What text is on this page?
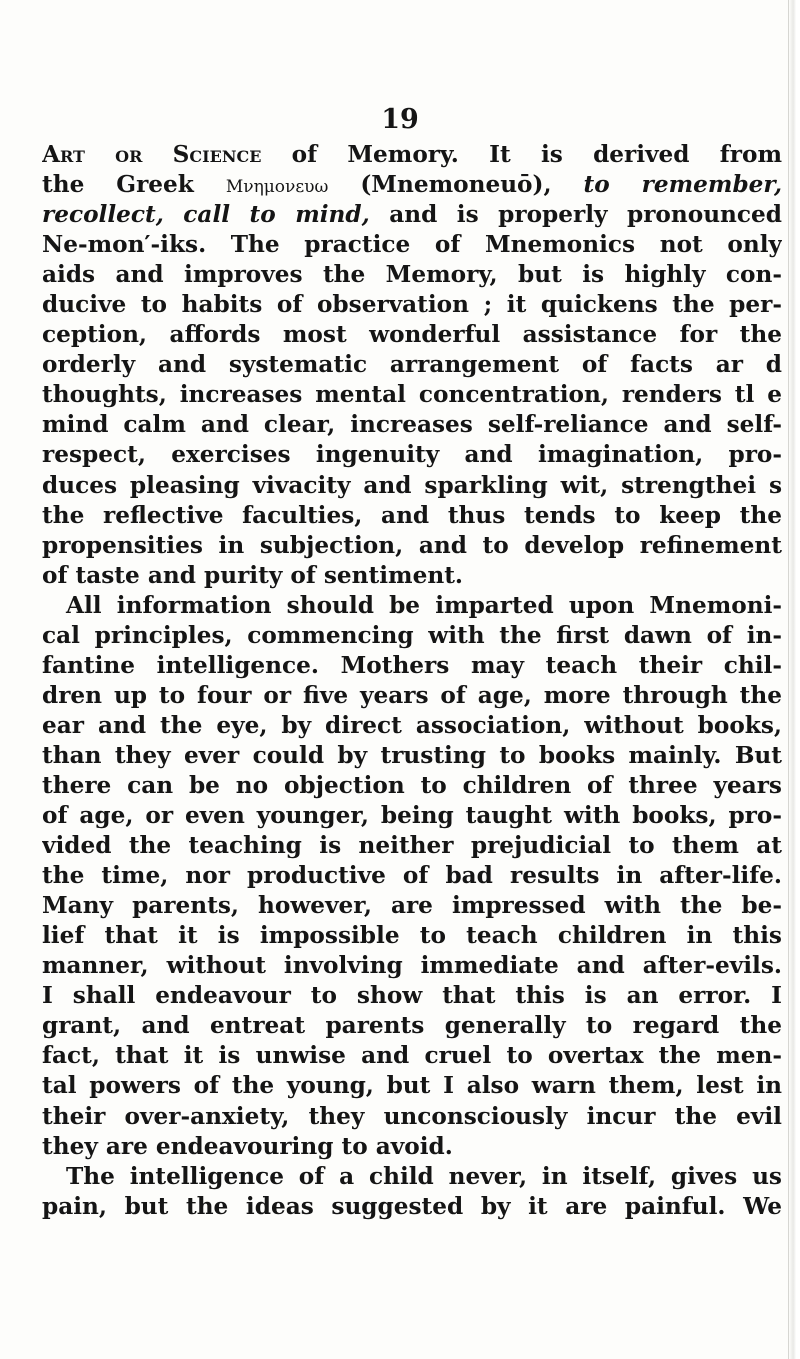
19
Art or Science of Memory. It is derived from
the Greek Μνημονευω (Mnemoneuō), to remember,
recollect, call to mind, and is properly pronounced
Ne-mon′-iks. The practice of Mnemonics not only
aids and improves the Memory, but is highly con-
ducive to habits of observation ; it quickens the per-
ception, affords most wonderful assistance for the
orderly and systematic arrangement of facts ar d
thoughts, increases mental concentration, renders tl e
mind calm and clear, increases self-reliance and self-
respect, exercises ingenuity and imagination, pro-
duces pleasing vivacity and sparkling wit, strengthei s
the reflective faculties, and thus tends to keep the
propensities in subjection, and to develop refinement
of taste and purity of sentiment.
All information should be imparted upon Mnemoni-
cal principles, commencing with the first dawn of in-
fantine intelligence. Mothers may teach their chil-
dren up to four or five years of age, more through the
ear and the eye, by direct association, without books,
than they ever could by trusting to books mainly. But
there can be no objection to children of three years
of age, or even younger, being taught with books, pro-
vided the teaching is neither prejudicial to them at
the time, nor productive of bad results in after-life.
Many parents, however, are impressed with the be-
lief that it is impossible to teach children in this
manner, without involving immediate and after-evils.
I shall endeavour to show that this is an error. I
grant, and entreat parents generally to regard the
fact, that it is unwise and cruel to overtax the men-
tal powers of the young, but I also warn them, lest in
their over-anxiety, they unconsciously incur the evil
they are endeavouring to avoid.
The intelligence of a child never, in itself, gives us
pain, but the ideas suggested by it are painful. We
